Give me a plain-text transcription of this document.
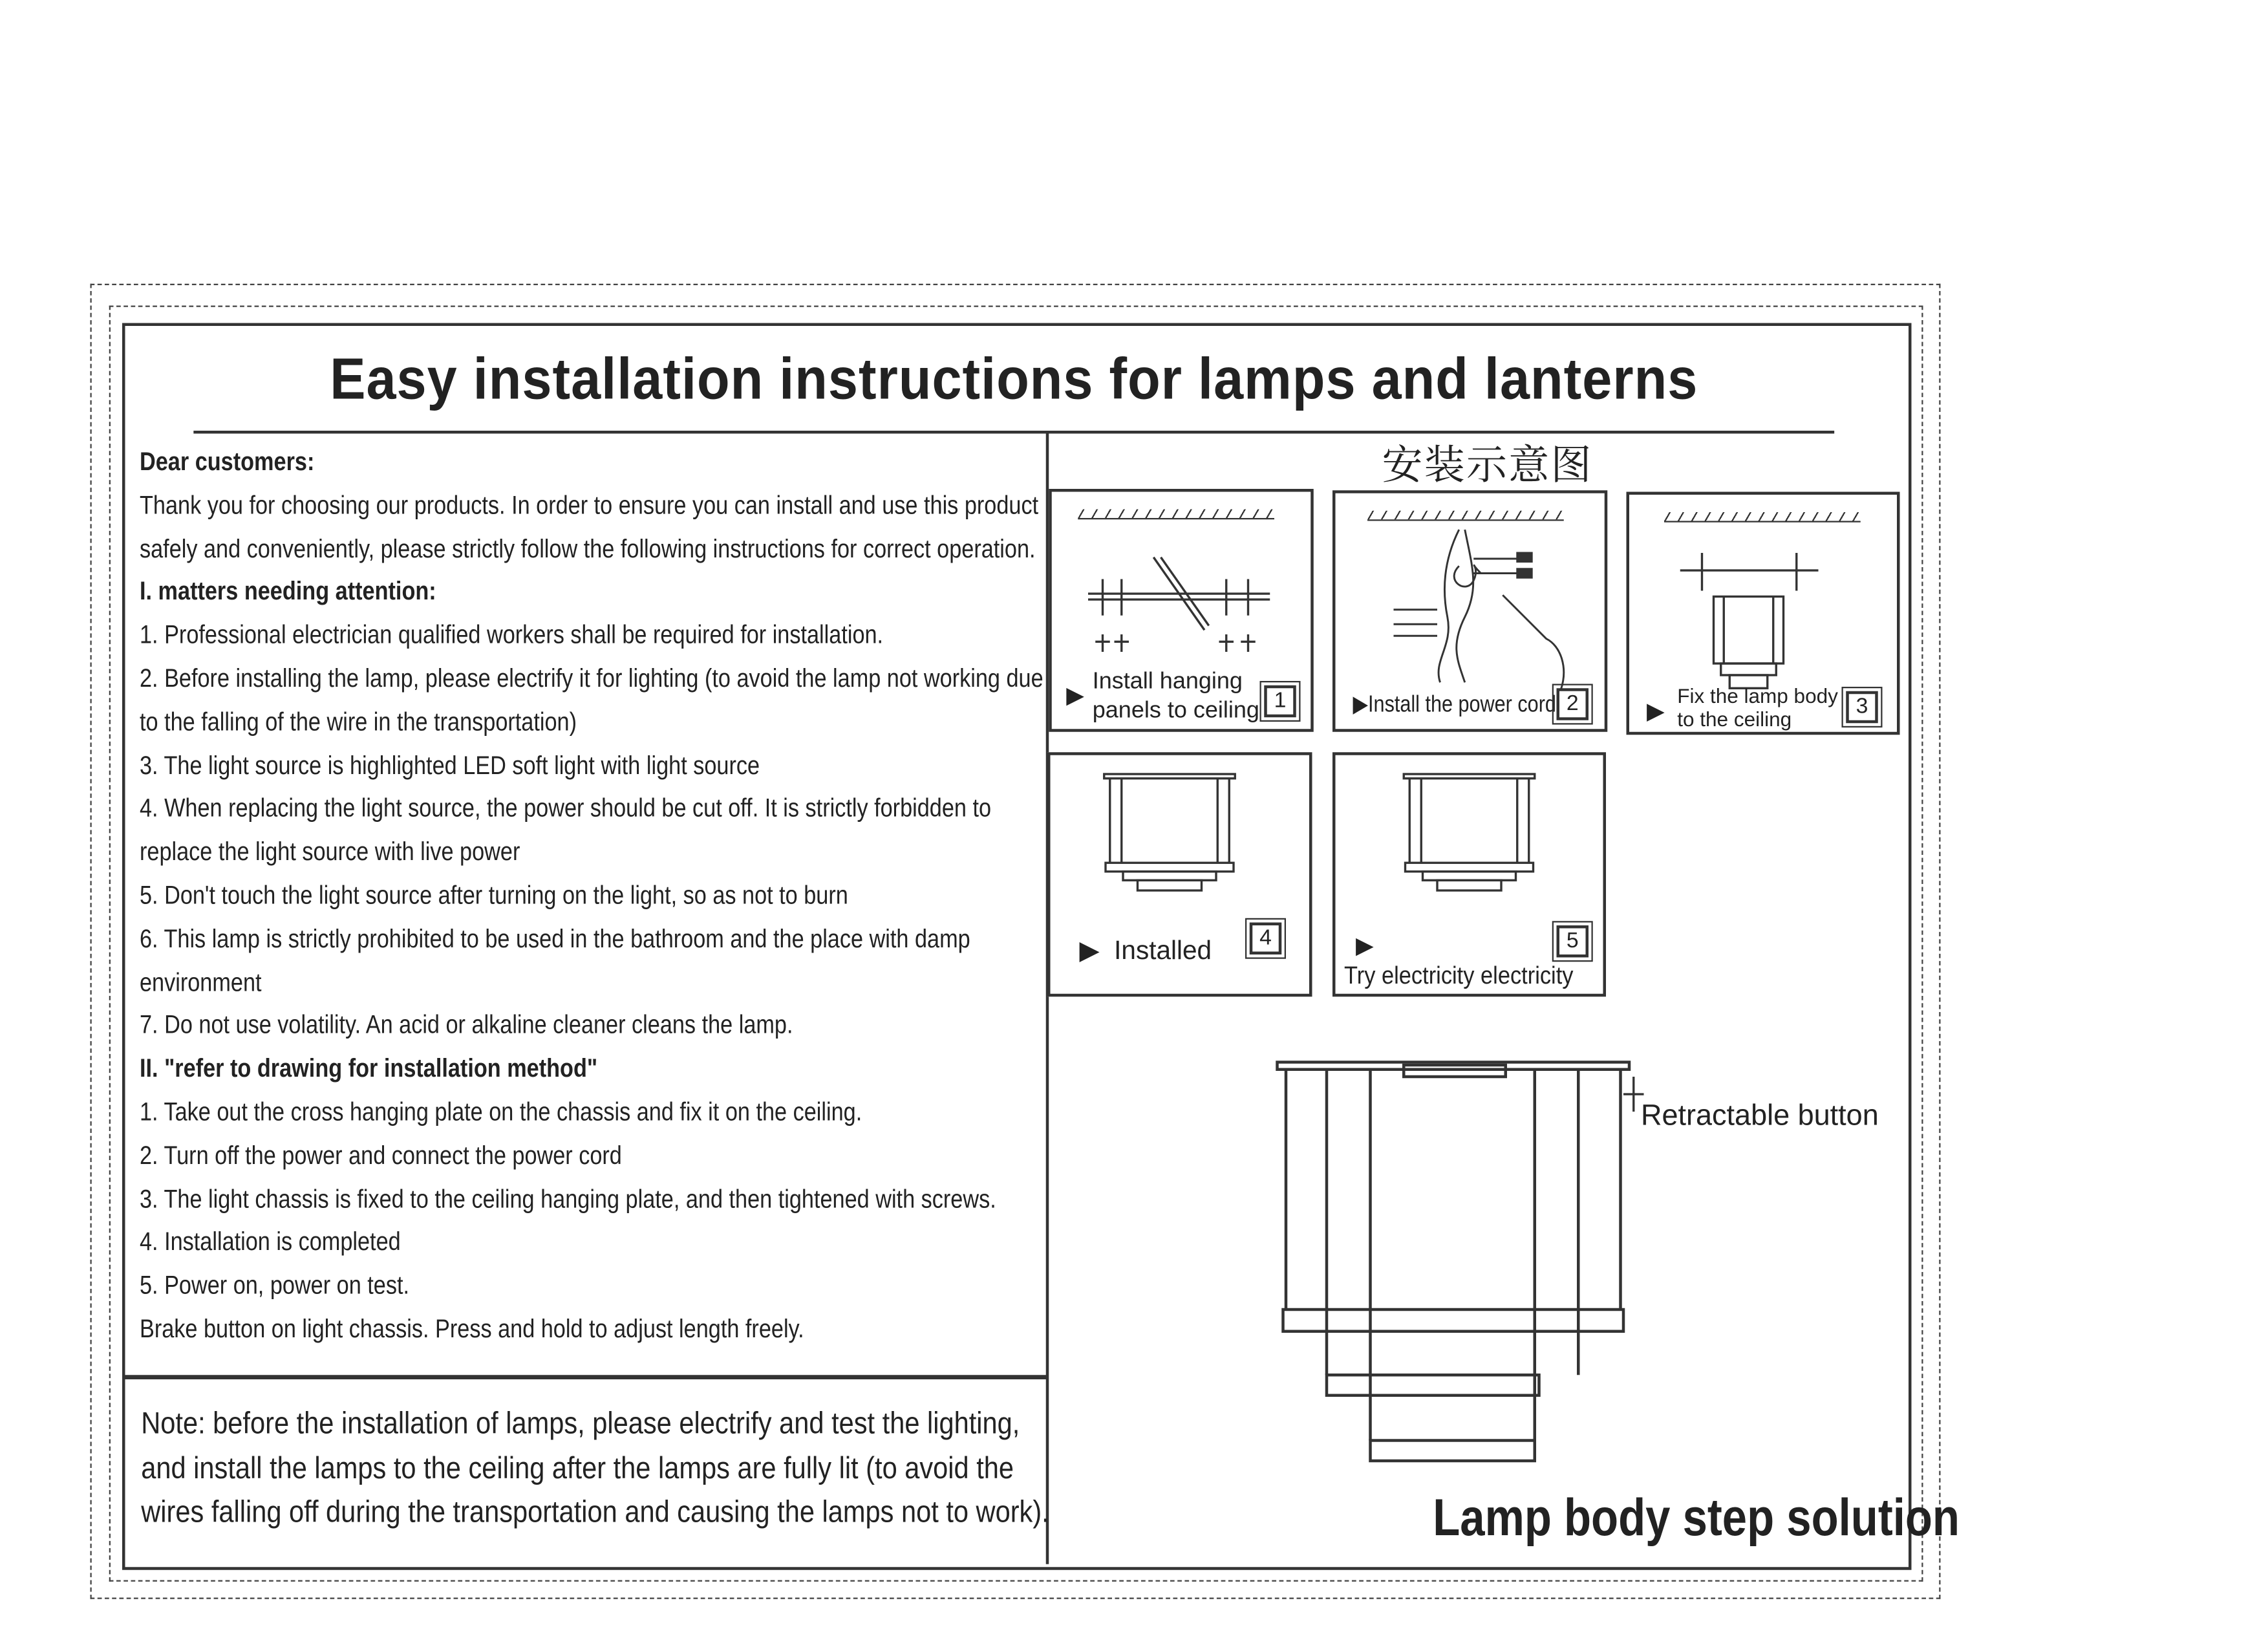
Easy installation instructions for lamps and lanterns
Dear customers:
Thank you for choosing our products. In order to ensure you can install and use this product
safely and conveniently, please strictly follow the following instructions for correct operation.
I. matters needing attention:
1. Professional electrician qualified workers shall be required for installation.
2. Before installing the lamp, please electrify it for lighting (to avoid the lamp not working due
to the falling of the wire in the transportation)
3. The light source is highlighted LED soft light with light source
4. When replacing the light source, the power should be cut off. It is strictly forbidden to
replace the light source with live power
5. Don't touch the light source after turning on the light, so as not to burn
6. This lamp is strictly prohibited to be used in the bathroom and the place with damp
environment
7. Do not use volatility. An acid or alkaline cleaner cleans the lamp.
II. "refer to drawing for installation method"
1. Take out the cross hanging plate on the chassis and fix it on the ceiling.
2. Turn off the power and connect the power cord
3. The light chassis is fixed to the ceiling hanging plate, and then tightened with screws.
4. Installation is completed
5. Power on, power on test.
Brake button on light chassis. Press and hold to adjust length freely.
Note: before the installation of lamps, please electrify and test the lighting,
and install the lamps to the ceiling after the lamps are fully lit (to avoid the
wires falling off during the transportation and causing the lamps not to work).
安装示意图
▶
Install hanging
panels to ceiling	1	▶Install the power cord	2	▶
Fix the lamp body
to the ceiling	3
▶ Installed	4	▶
Try electricity electricity
5
Retractable button
Lamp body step solution
